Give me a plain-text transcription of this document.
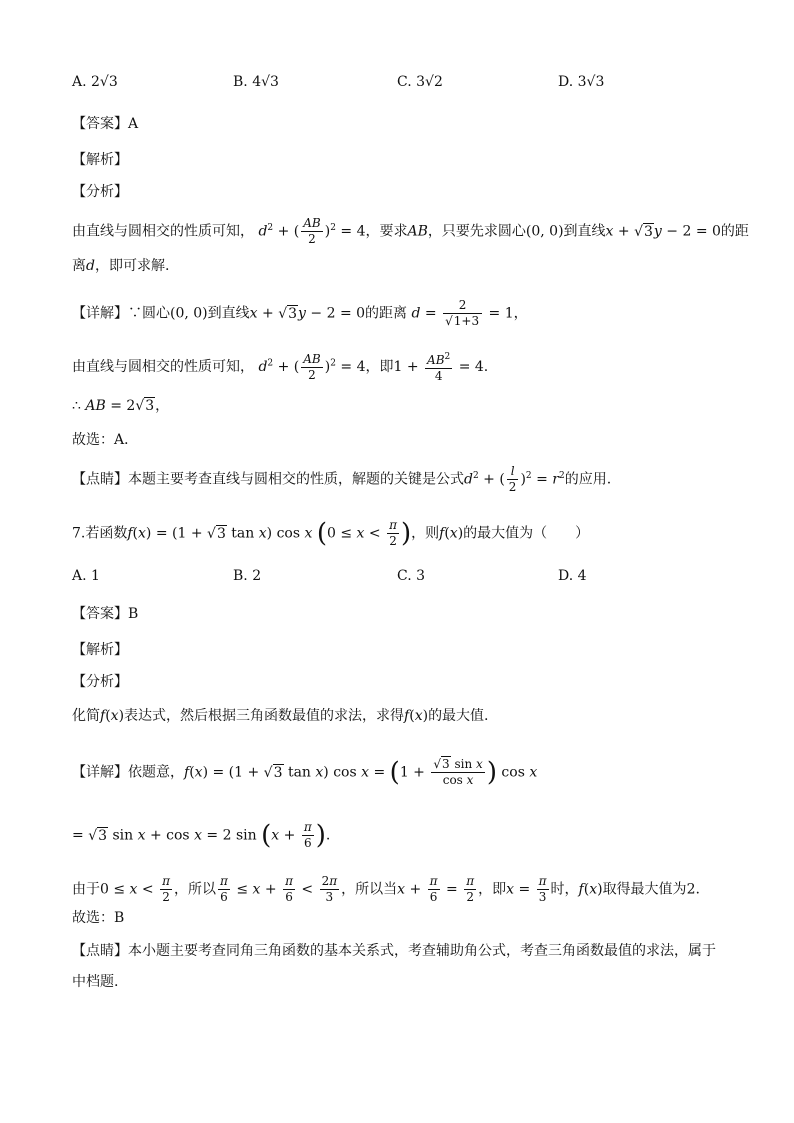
A. 2√3	B. 4√3	C. 3√2	D. 3√3
【答案】A
【解析】
【分析】
由直线与圆相交的性质可知， $d^2$ + ( $\frac{AB}{2} )^2 = 4$，要求AB，只要先求圆心(0, 0)到直线x + √3y − 2 = 0的距
离d，即可求解.
【详解】∵圆心(0, 0)到直线x + √3y − 2 = 0的距离 $d = \frac{2}{√1+3} = 1$，
由直线与圆相交的性质可知， $d^2$ + ( $\frac{AB}{2} )^2 = 4$，即$1 + \frac{AB^2}{4} = 4$.
∴ AB = 2√3，
故选：A．
【点睛】本题主要考查直线与圆相交的性质，解题的关键是公式$d^2$ + ( $\frac{l}{2} )^2 = r^2$的应用.
7.若函数f(x) = (1 + √3 tan x) cos x ($0 \le x < \frac{\pi}{2}$ )，则f(x)的最大值为（　　）
A. 1	B. 2	C. 3	D. 4
【答案】B
【解析】
【分析】
化简f(x)表达式，然后根据三角函数最值的求法，求得f(x)的最大值.
【详解】依题意，f(x) = (1 + √3 tan x) $\cos x = (1 + \frac{\text{√3 sin x}}{\text{cos x}}$ ) cos x
= √3 sin x + cos x = 2 $\sin (x + \frac{\pi}{6}$ ).
由于$0 \le x < \frac{\pi}{2}$ ，所以 $\frac{\pi}{6} \le x + \frac{\pi}{6} < \frac{2\pi}{3}$ ，所以当$x + \frac{\pi}{6} = \frac{\pi}{2}$ ，即$x = \frac{\pi}{3}$ 时，f(x)取得最大值为2.
故选：B
【点睛】本小题主要考查同角三角函数的基本关系式，考查辅助角公式，考查三角函数最值的求法，属于
中档题.
